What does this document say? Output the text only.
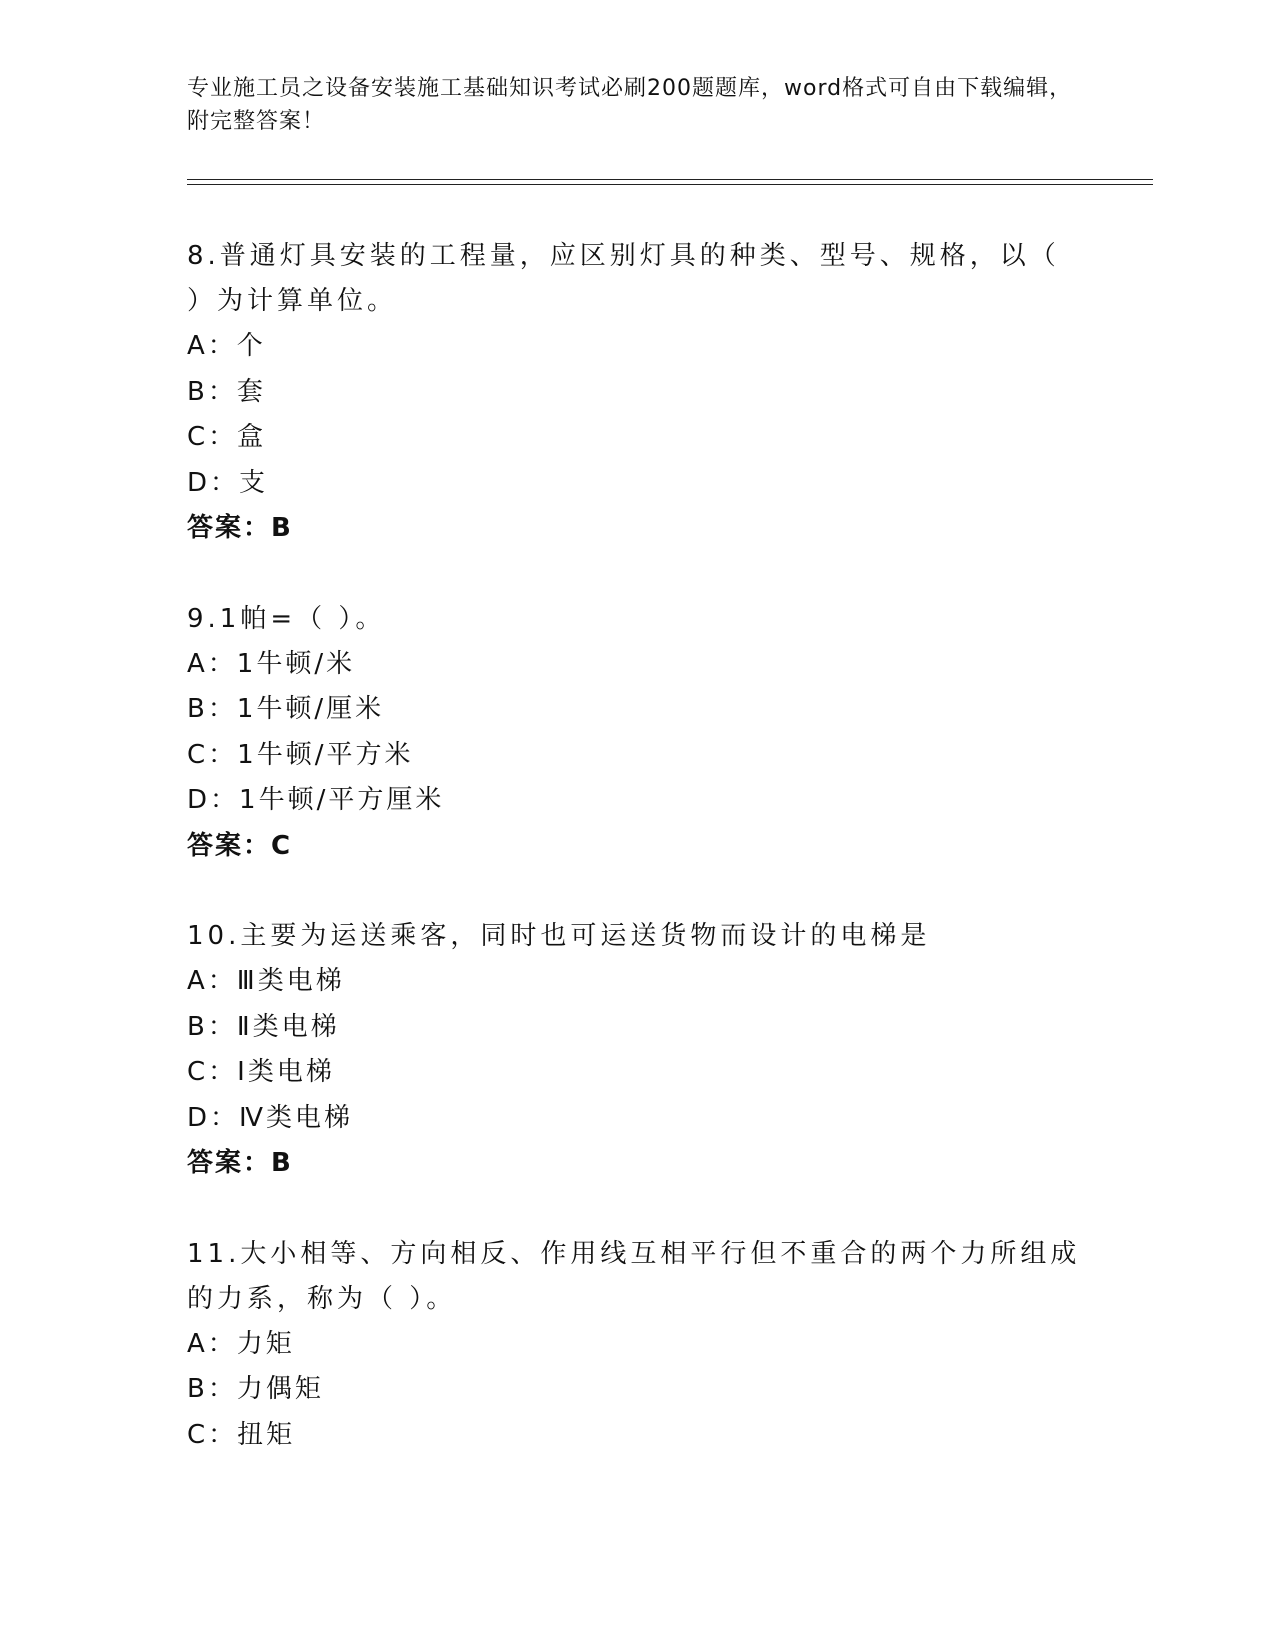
专业施工员之设备安装施工基础知识考试必刷200题题库，word格式可自由下载编辑，附完整答案！
8.普通灯具安装的工程量，应区别灯具的种类、型号、规格，以（ ）为计算单位。
A：个
B：套
C：盒
D：支
答案：B
9.1帕=（ ）。
A：1牛顿/米
B：1牛顿/厘米
C：1牛顿/平方米
D：1牛顿/平方厘米
答案：C
10.主要为运送乘客，同时也可运送货物而设计的电梯是
A：Ⅲ类电梯
B：Ⅱ类电梯
C：Ⅰ类电梯
D：Ⅳ类电梯
答案：B
11.大小相等、方向相反、作用线互相平行但不重合的两个力所组成的力系，称为（ ）。
A：力矩
B：力偶矩
C：扭矩
